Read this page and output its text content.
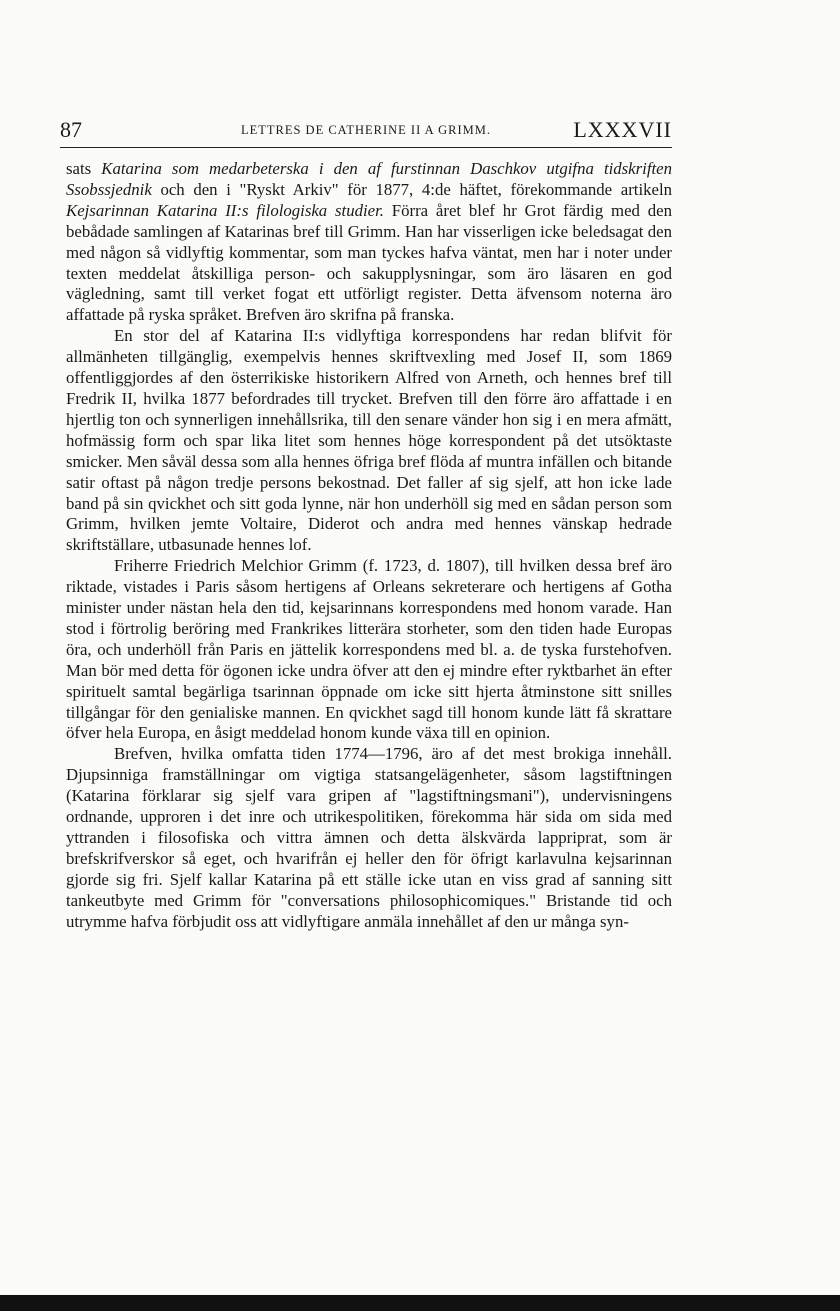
87	LETTRES DE CATHERINE II A GRIMM.	LXXXVII

sats Katarina som medarbeterska i den af furstinnan Daschkov utgifna tidskriften Ssobssjednik och den i "Ryskt Arkiv" för 1877, 4:de häftet, förekommande artikeln Kejsarinnan Katarina II:s filologiska studier. Förra året blef hr Grot färdig med den bebådade samlingen af Katarinas bref till Grimm. Han har visserligen icke beledsagat den med någon så vidlyftig kommentar, som man tyckes hafva väntat, men har i noter under texten meddelat åtskilliga person- och sakupplysningar, som äro läsaren en god vägledning, samt till verket fogat ett utförligt register. Detta äfvensom noterna äro affattade på ryska språket. Brefven äro skrifna på franska.

En stor del af Katarina II:s vidlyftiga korrespondens har redan blifvit för allmänheten tillgänglig, exempelvis hennes skriftvexling med Josef II, som 1869 offentliggjordes af den österrikiske historikern Alfred von Arneth, och hennes bref till Fredrik II, hvilka 1877 befordrades till trycket. Brefven till den förre äro affattade i en hjertlig ton och synnerligen innehållsrika, till den senare vänder hon sig i en mera afmätt, hofmässig form och spar lika litet som hennes höge korrespondent på det utsöktaste smicker. Men såväl dessa som alla hennes öfriga bref flöda af muntra infällen och bitande satir oftast på någon tredje persons bekostnad. Det faller af sig sjelf, att hon icke lade band på sin qvickhet och sitt goda lynne, när hon underhöll sig med en sådan person som Grimm, hvilken jemte Voltaire, Diderot och andra med hennes vänskap hedrade skriftställare, utbasunade hennes lof.

Friherre Friedrich Melchior Grimm (f. 1723, d. 1807), till hvilken dessa bref äro riktade, vistades i Paris såsom hertigens af Orleans sekreterare och hertigens af Gotha minister under nästan hela den tid, kejsarinnans korrespondens med honom varade. Han stod i förtrolig beröring med Frankrikes litterära storheter, som den tiden hade Europas öra, och underhöll från Paris en jättelik korrespondens med bl. a. de tyska furstehofven. Man bör med detta för ögonen icke undra öfver att den ej mindre efter ryktbarhet än efter spirituelt samtal begärliga tsarinnan öppnade om icke sitt hjerta åtminstone sitt snilles tillgångar för den genialiske mannen. En qvickhet sagd till honom kunde lätt få skrattare öfver hela Europa, en åsigt meddelad honom kunde växa till en opinion.

Brefven, hvilka omfatta tiden 1774—1796, äro af det mest brokiga innehåll. Djupsinniga framställningar om vigtiga statsangelägenheter, såsom lagstiftningen (Katarina förklarar sig sjelf vara gripen af "lagstiftningsmani"), undervisningens ordnande, upproren i det inre och utrikespolitiken, förekomma här sida om sida med yttranden i filosofiska och vittra ämnen och detta älskvärda lappriprat, som är brefskrifverskor så eget, och hvarifrån ej heller den för öfrigt karlavulna kejsarinnan gjorde sig fri. Sjelf kallar Katarina på ett ställe icke utan en viss grad af sanning sitt tankeutbyte med Grimm för "conversations philosophicomiques." Bristande tid och utrymme hafva förbjudit oss att vidlyftigare anmäla innehållet af den ur många syn-
